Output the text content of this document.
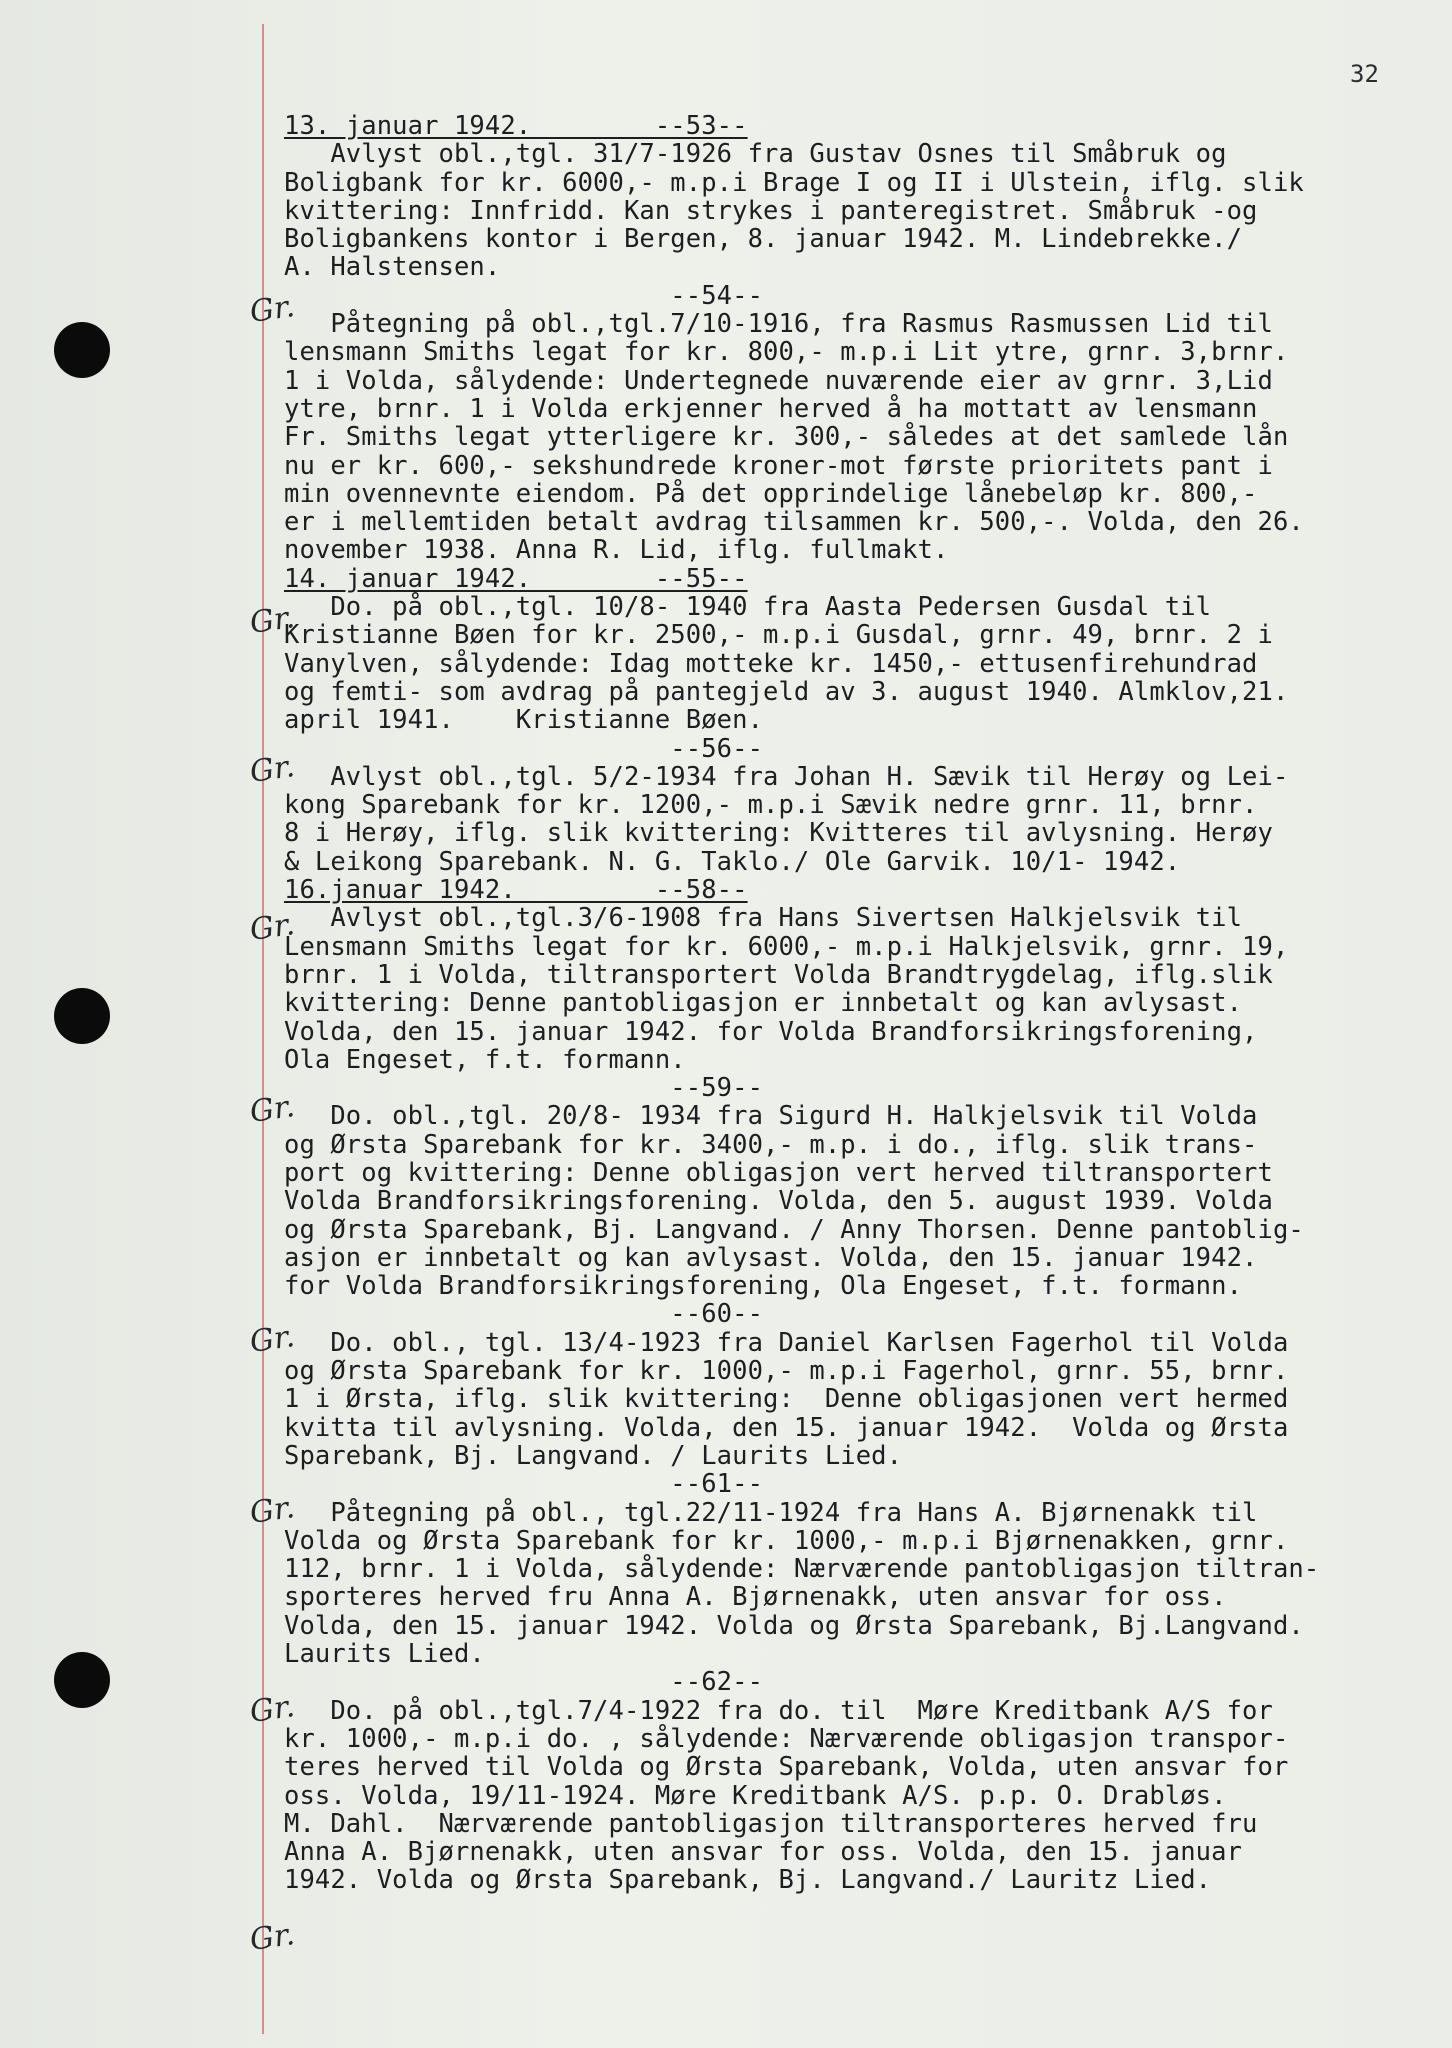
32
Gr.
Gr.
Gr.
Gr.
Gr.
Gr.
Gr.
Gr.
Gr.
13. januar 1942.        --53--
Avlyst obl.,tgl. 31/7-1926 fra Gustav Osnes til Småbruk og
Boligbank for kr. 6000,- m.p.i Brage I og II i Ulstein, iflg. slik
kvittering: Innfridd. Kan strykes i panteregistret. Småbruk -og
Boligbankens kontor i Bergen, 8. januar 1942. M. Lindebrekke./
A. Halstensen.
--54--
Påtegning på obl.,tgl.7/10-1916, fra Rasmus Rasmussen Lid til
lensmann Smiths legat for kr. 800,- m.p.i Lit ytre, grnr. 3,brnr.
1 i Volda, sålydende: Undertegnede nuværende eier av grnr. 3,Lid
ytre, brnr. 1 i Volda erkjenner herved å ha mottatt av lensmann
Fr. Smiths legat ytterligere kr. 300,- således at det samlede lån
nu er kr. 600,- sekshundrede kroner-mot første prioritets pant i
min ovennevnte eiendom. På det opprindelige lånebeløp kr. 800,-
er i mellemtiden betalt avdrag tilsammen kr. 500,-. Volda, den 26.
november 1938. Anna R. Lid, iflg. fullmakt.
14. januar 1942.        --55--
Do. på obl.,tgl. 10/8- 1940 fra Aasta Pedersen Gusdal til
Kristianne Bøen for kr. 2500,- m.p.i Gusdal, grnr. 49, brnr. 2 i
Vanylven, sålydende: Idag motteke kr. 1450,- ettusenfirehundrad
og femti- som avdrag på pantegjeld av 3. august 1940. Almklov,21.
april 1941.    Kristianne Bøen.
--56--
Avlyst obl.,tgl. 5/2-1934 fra Johan H. Sævik til Herøy og Lei-
kong Sparebank for kr. 1200,- m.p.i Sævik nedre grnr. 11, brnr.
8 i Herøy, iflg. slik kvittering: Kvitteres til avlysning. Herøy
& Leikong Sparebank. N. G. Taklo./ Ole Garvik. 10/1- 1942.
16.januar 1942.         --58--
Avlyst obl.,tgl.3/6-1908 fra Hans Sivertsen Halkjelsvik til
Lensmann Smiths legat for kr. 6000,- m.p.i Halkjelsvik, grnr. 19,
brnr. 1 i Volda, tiltransportert Volda Brandtrygdelag, iflg.slik
kvittering: Denne pantobligasjon er innbetalt og kan avlysast.
Volda, den 15. januar 1942. for Volda Brandforsikringsforening,
Ola Engeset, f.t. formann.
--59--
Do. obl.,tgl. 20/8- 1934 fra Sigurd H. Halkjelsvik til Volda
og Ørsta Sparebank for kr. 3400,- m.p. i do., iflg. slik trans-
port og kvittering: Denne obligasjon vert herved tiltransportert
Volda Brandforsikringsforening. Volda, den 5. august 1939. Volda
og Ørsta Sparebank, Bj. Langvand. / Anny Thorsen. Denne pantoblig-
asjon er innbetalt og kan avlysast. Volda, den 15. januar 1942.
for Volda Brandforsikringsforening, Ola Engeset, f.t. formann.
--60--
Do. obl., tgl. 13/4-1923 fra Daniel Karlsen Fagerhol til Volda
og Ørsta Sparebank for kr. 1000,- m.p.i Fagerhol, grnr. 55, brnr.
1 i Ørsta, iflg. slik kvittering:  Denne obligasjonen vert hermed
kvitta til avlysning. Volda, den 15. januar 1942.  Volda og Ørsta
Sparebank, Bj. Langvand. / Laurits Lied.
--61--
Påtegning på obl., tgl.22/11-1924 fra Hans A. Bjørnenakk til
Volda og Ørsta Sparebank for kr. 1000,- m.p.i Bjørnenakken, grnr.
112, brnr. 1 i Volda, sålydende: Nærværende pantobligasjon tiltran-
sporteres herved fru Anna A. Bjørnenakk, uten ansvar for oss.
Volda, den 15. januar 1942. Volda og Ørsta Sparebank, Bj.Langvand.
Laurits Lied.
--62--
Do. på obl.,tgl.7/4-1922 fra do. til  Møre Kreditbank A/S for
kr. 1000,- m.p.i do. , sålydende: Nærværende obligasjon transpor-
teres herved til Volda og Ørsta Sparebank, Volda, uten ansvar for
oss. Volda, 19/11-1924. Møre Kreditbank A/S. p.p. O. Drabløs.
M. Dahl.  Nærværende pantobligasjon tiltransporteres herved fru
Anna A. Bjørnenakk, uten ansvar for oss. Volda, den 15. januar
1942. Volda og Ørsta Sparebank, Bj. Langvand./ Lauritz Lied.
